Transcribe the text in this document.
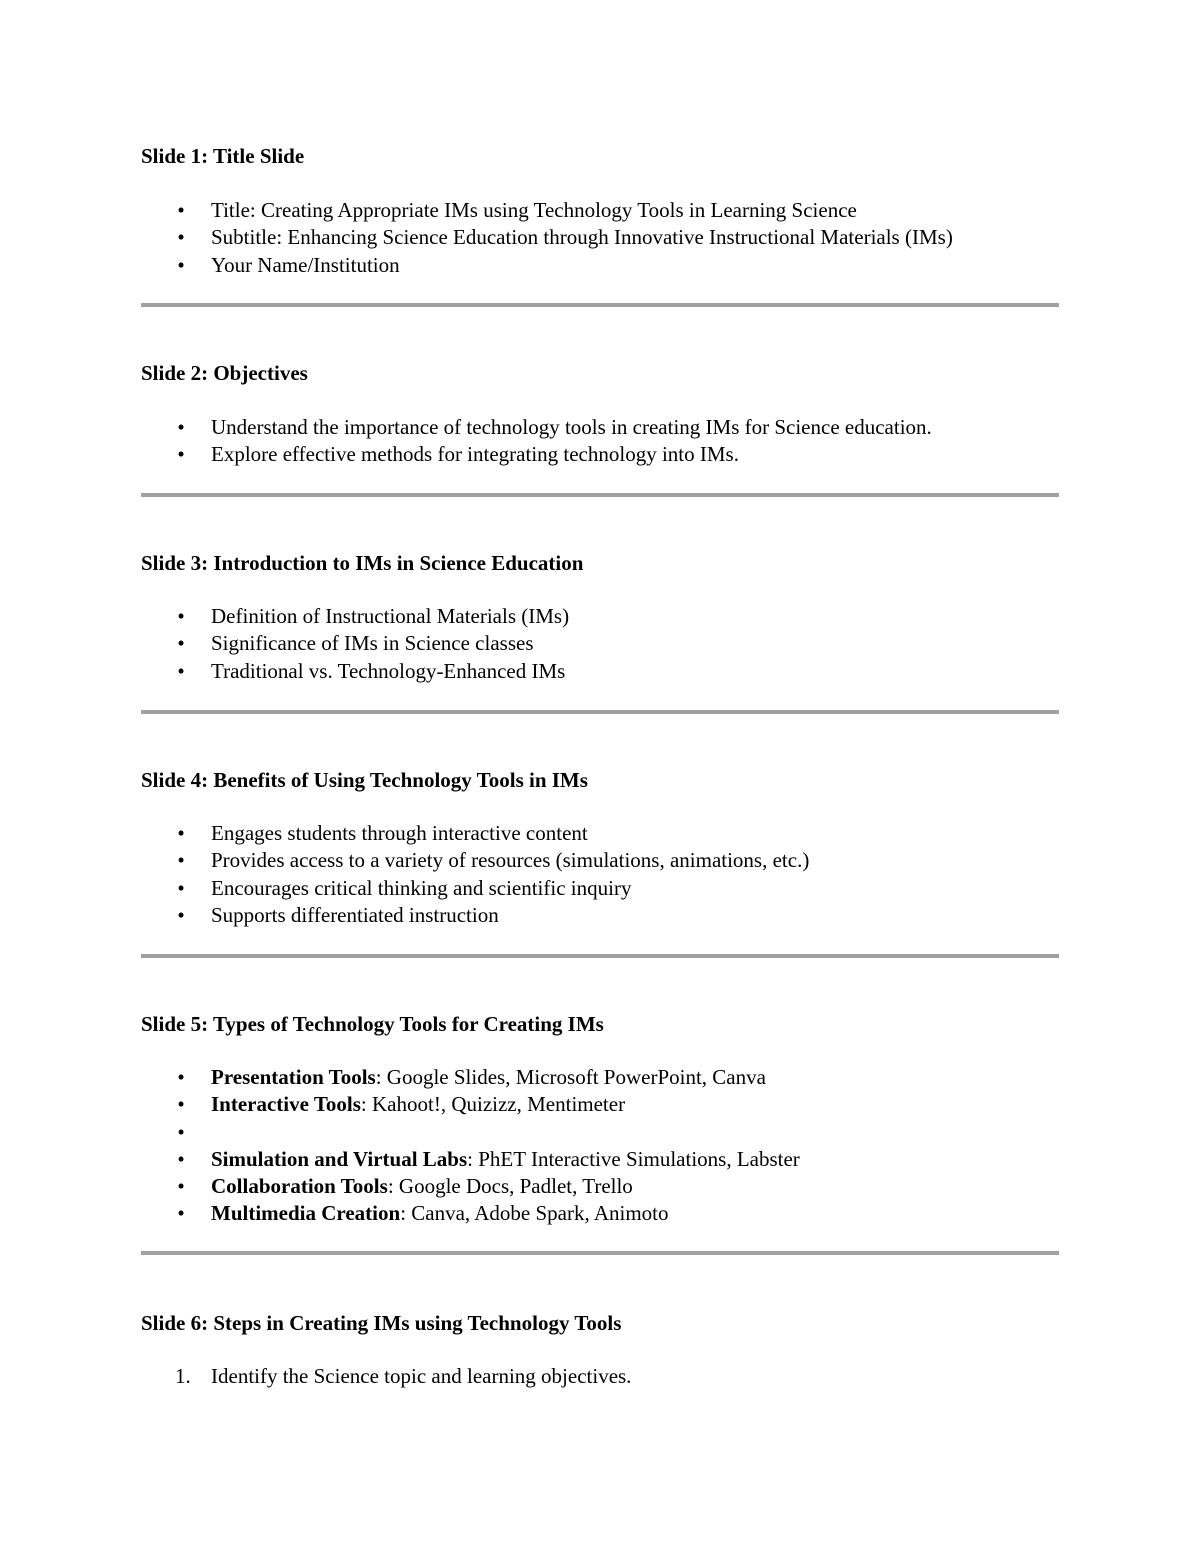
Slide 1: Title Slide
• Title: Creating Appropriate IMs using Technology Tools in Learning Science
• Subtitle: Enhancing Science Education through Innovative Instructional Materials (IMs)
• Your Name/Institution
Slide 2: Objectives
• Understand the importance of technology tools in creating IMs for Science education.
• Explore effective methods for integrating technology into IMs.
Slide 3: Introduction to IMs in Science Education
• Definition of Instructional Materials (IMs)
• Significance of IMs in Science classes
• Traditional vs. Technology-Enhanced IMs
Slide 4: Benefits of Using Technology Tools in IMs
• Engages students through interactive content
• Provides access to a variety of resources (simulations, animations, etc.)
• Encourages critical thinking and scientific inquiry
• Supports differentiated instruction
Slide 5: Types of Technology Tools for Creating IMs
• Presentation Tools: Google Slides, Microsoft PowerPoint, Canva
• Interactive Tools: Kahoot!, Quizizz, Mentimeter
•
• Simulation and Virtual Labs: PhET Interactive Simulations, Labster
• Collaboration Tools: Google Docs, Padlet, Trello
• Multimedia Creation: Canva, Adobe Spark, Animoto
Slide 6: Steps in Creating IMs using Technology Tools
1. Identify the Science topic and learning objectives.
